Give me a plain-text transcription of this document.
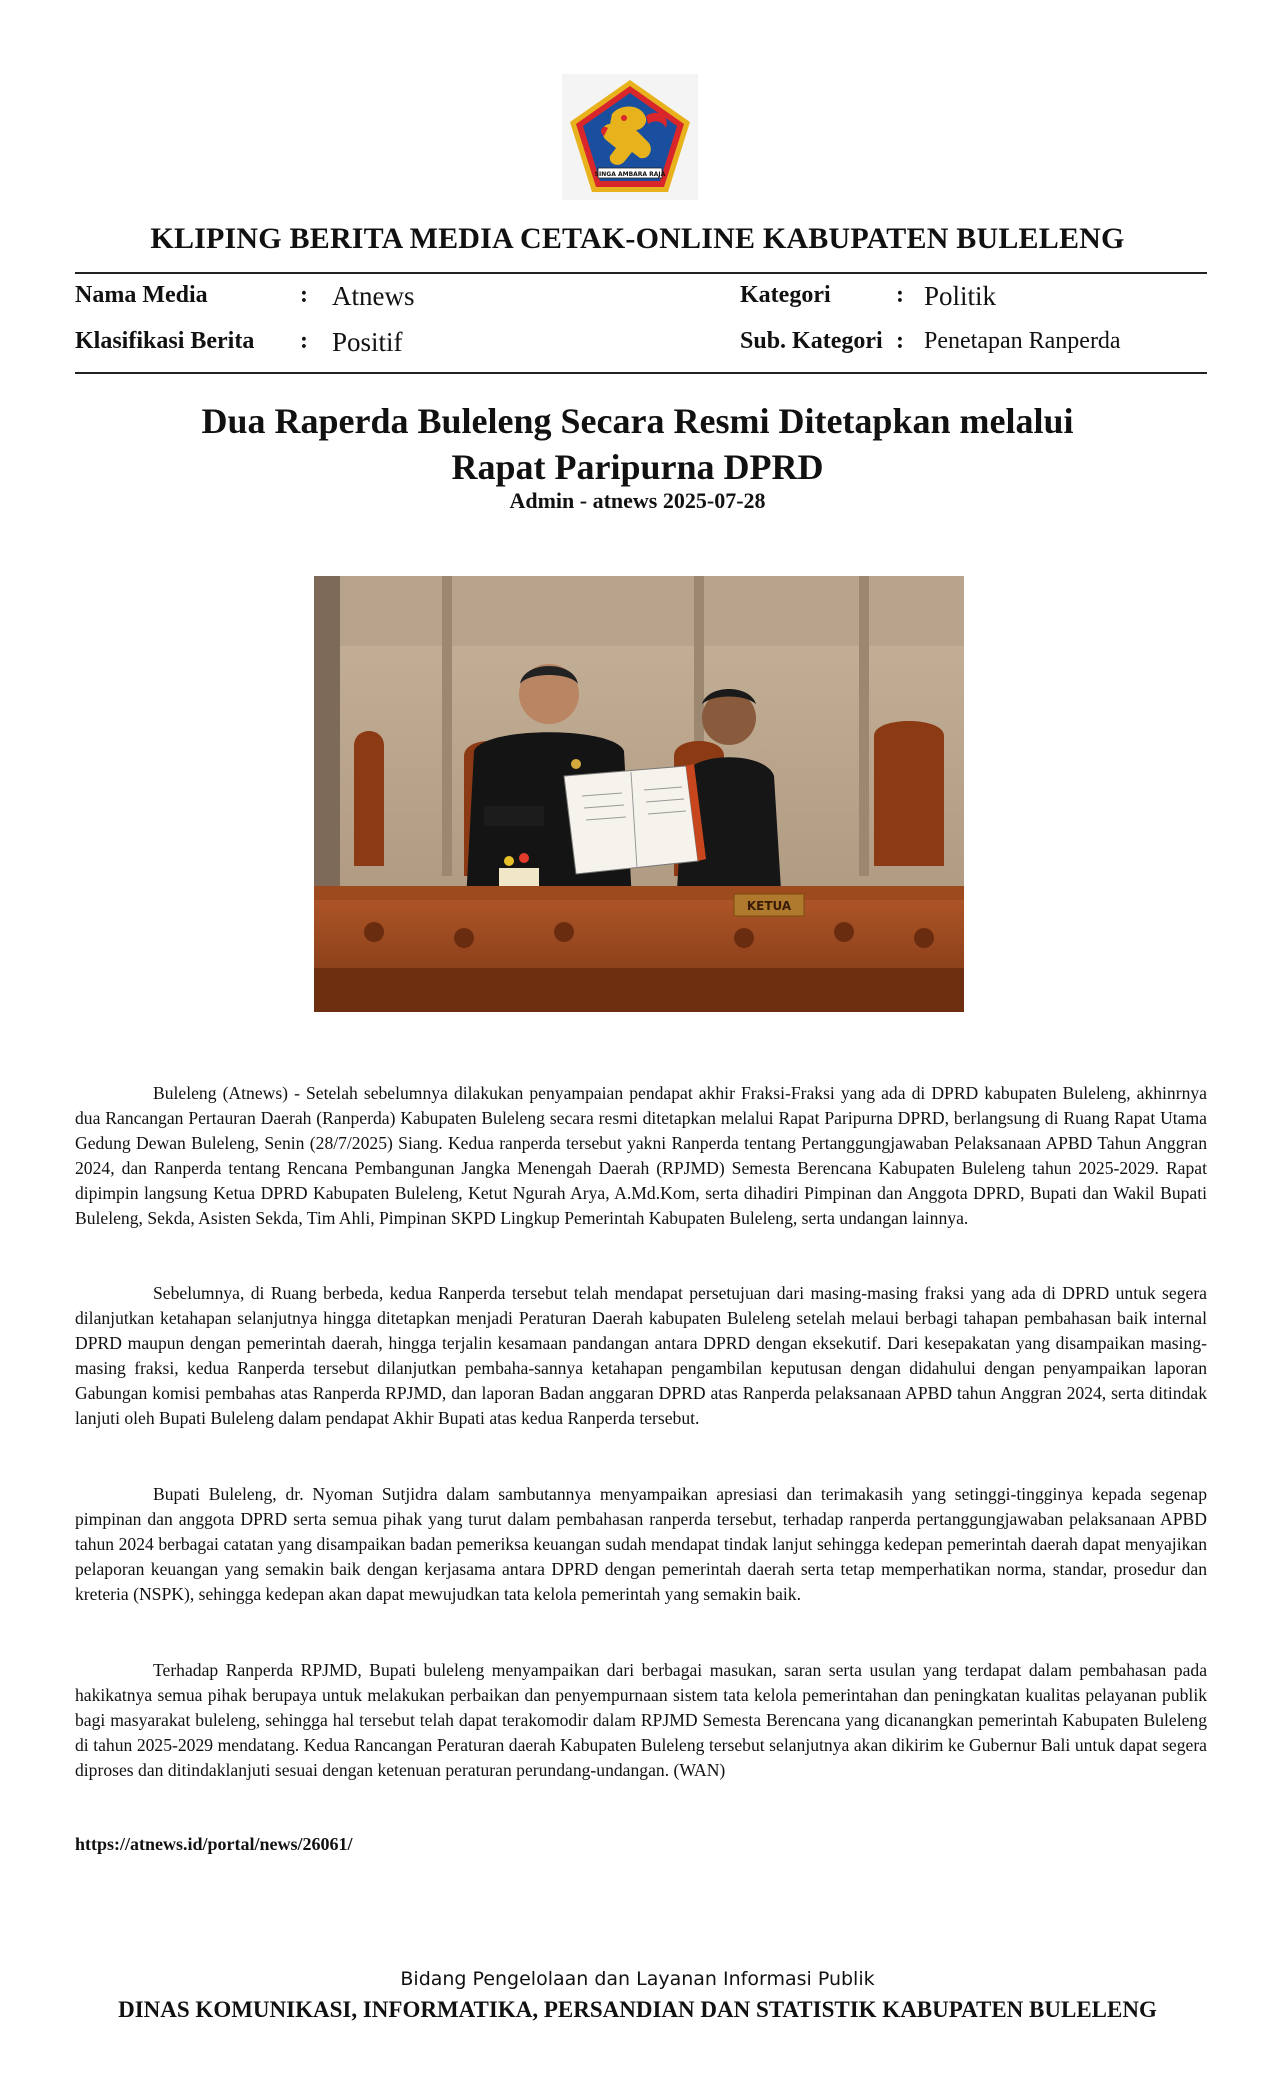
SINGA AMBARA RAJA
KLIPING BERITA MEDIA CETAK-ONLINE KABUPATEN BULELENG
Nama Media	: Atnews
Klasifikasi Berita : Positif
Kategori	: Politik
Sub. Kategori : Penetapan Ranperda
Dua Raperda Buleleng Secara Resmi Ditetapkan melalui
Rapat Paripurna DPRD
Admin - atnews 2025-07-28
KETUA

Buleleng (Atnews) - Setelah sebelumnya dilakukan penyampaian pendapat akhir Fraksi-Fraksi yang ada di DPRD kabupaten Buleleng, akhinrnya dua Rancangan Pertauran Daerah (Ranperda) Kabupaten Buleleng secara resmi ditetapkan melalui Rapat Paripurna DPRD, berlangsung di Ruang Rapat Utama Gedung Dewan Buleleng, Senin (28/7/2025) Siang. Kedua ranperda tersebut yakni Ranperda tentang Pertanggungjawaban Pelaksanaan APBD Tahun Anggran 2024, dan Ranperda tentang Rencana Pembangunan Jangka Menengah Daerah (RPJMD) Semesta Berencana Kabupaten Buleleng tahun 2025-2029. Rapat dipimpin langsung Ketua DPRD Kabupaten Buleleng, Ketut Ngurah Arya, A.Md.Kom, serta dihadiri Pimpinan dan Anggota DPRD, Bupati dan Wakil Bupati Buleleng, Sekda, Asisten Sekda, Tim Ahli, Pimpinan SKPD Lingkup Pemerintah Kabupaten Buleleng, serta undangan lainnya.

Sebelumnya, di Ruang berbeda, kedua Ranperda tersebut telah mendapat persetujuan dari masing-masing fraksi yang ada di DPRD untuk segera dilanjutkan ketahapan selanjutnya hingga ditetapkan menjadi Peraturan Daerah kabupaten Buleleng setelah melaui berbagi tahapan pembahasan baik internal DPRD maupun dengan pemerintah daerah, hingga terjalin kesamaan pandangan antara DPRD dengan eksekutif. Dari kesepakatan yang disampaikan masing-masing fraksi, kedua Ranperda tersebut dilanjutkan pembaha-sannya ketahapan pengambilan keputusan dengan didahului dengan penyampaikan laporan Gabungan komisi pembahas atas Ranperda RPJMD, dan laporan Badan anggaran DPRD atas Ranperda pelaksanaan APBD tahun Anggran 2024, serta ditindak lanjuti oleh Bupati Buleleng dalam pendapat Akhir Bupati atas kedua Ranperda tersebut.

Bupati Buleleng, dr. Nyoman Sutjidra dalam sambutannya menyampaikan apresiasi dan terimakasih yang setinggi-tingginya kepada segenap pimpinan dan anggota DPRD serta semua pihak yang turut dalam pembahasan ranperda tersebut, terhadap ranperda pertanggungjawaban pelaksanaan APBD tahun 2024 berbagai catatan yang disampaikan badan pemeriksa keuangan sudah mendapat tindak lanjut sehingga kedepan pemerintah daerah dapat menyajikan pelaporan keuangan yang semakin baik dengan kerjasama antara DPRD dengan pemerintah daerah serta tetap memperhatikan norma, standar, prosedur dan kreteria (NSPK), sehingga kedepan akan dapat mewujudkan tata kelola pemerintah yang semakin baik.

Terhadap Ranperda RPJMD, Bupati buleleng menyampaikan dari berbagai masukan, saran serta usulan yang terdapat dalam pembahasan pada hakikatnya semua pihak berupaya untuk melakukan perbaikan dan penyempurnaan sistem tata kelola pemerintahan dan peningkatan kualitas pelayanan publik bagi masyarakat buleleng, sehingga hal tersebut telah dapat terakomodir dalam RPJMD Semesta Berencana yang dicanangkan pemerintah Kabupaten Buleleng di tahun 2025-2029 mendatang. Kedua Rancangan Peraturan daerah Kabupaten Buleleng tersebut selanjutnya akan dikirim ke Gubernur Bali untuk dapat segera diproses dan ditindaklanjuti sesuai dengan ketenuan peraturan perundang-undangan. (WAN)

https://atnews.id/portal/news/26061/
Bidang Pengelolaan dan Layanan Informasi Publik
DINAS KOMUNIKASI, INFORMATIKA, PERSANDIAN DAN STATISTIK KABUPATEN BULELENG
